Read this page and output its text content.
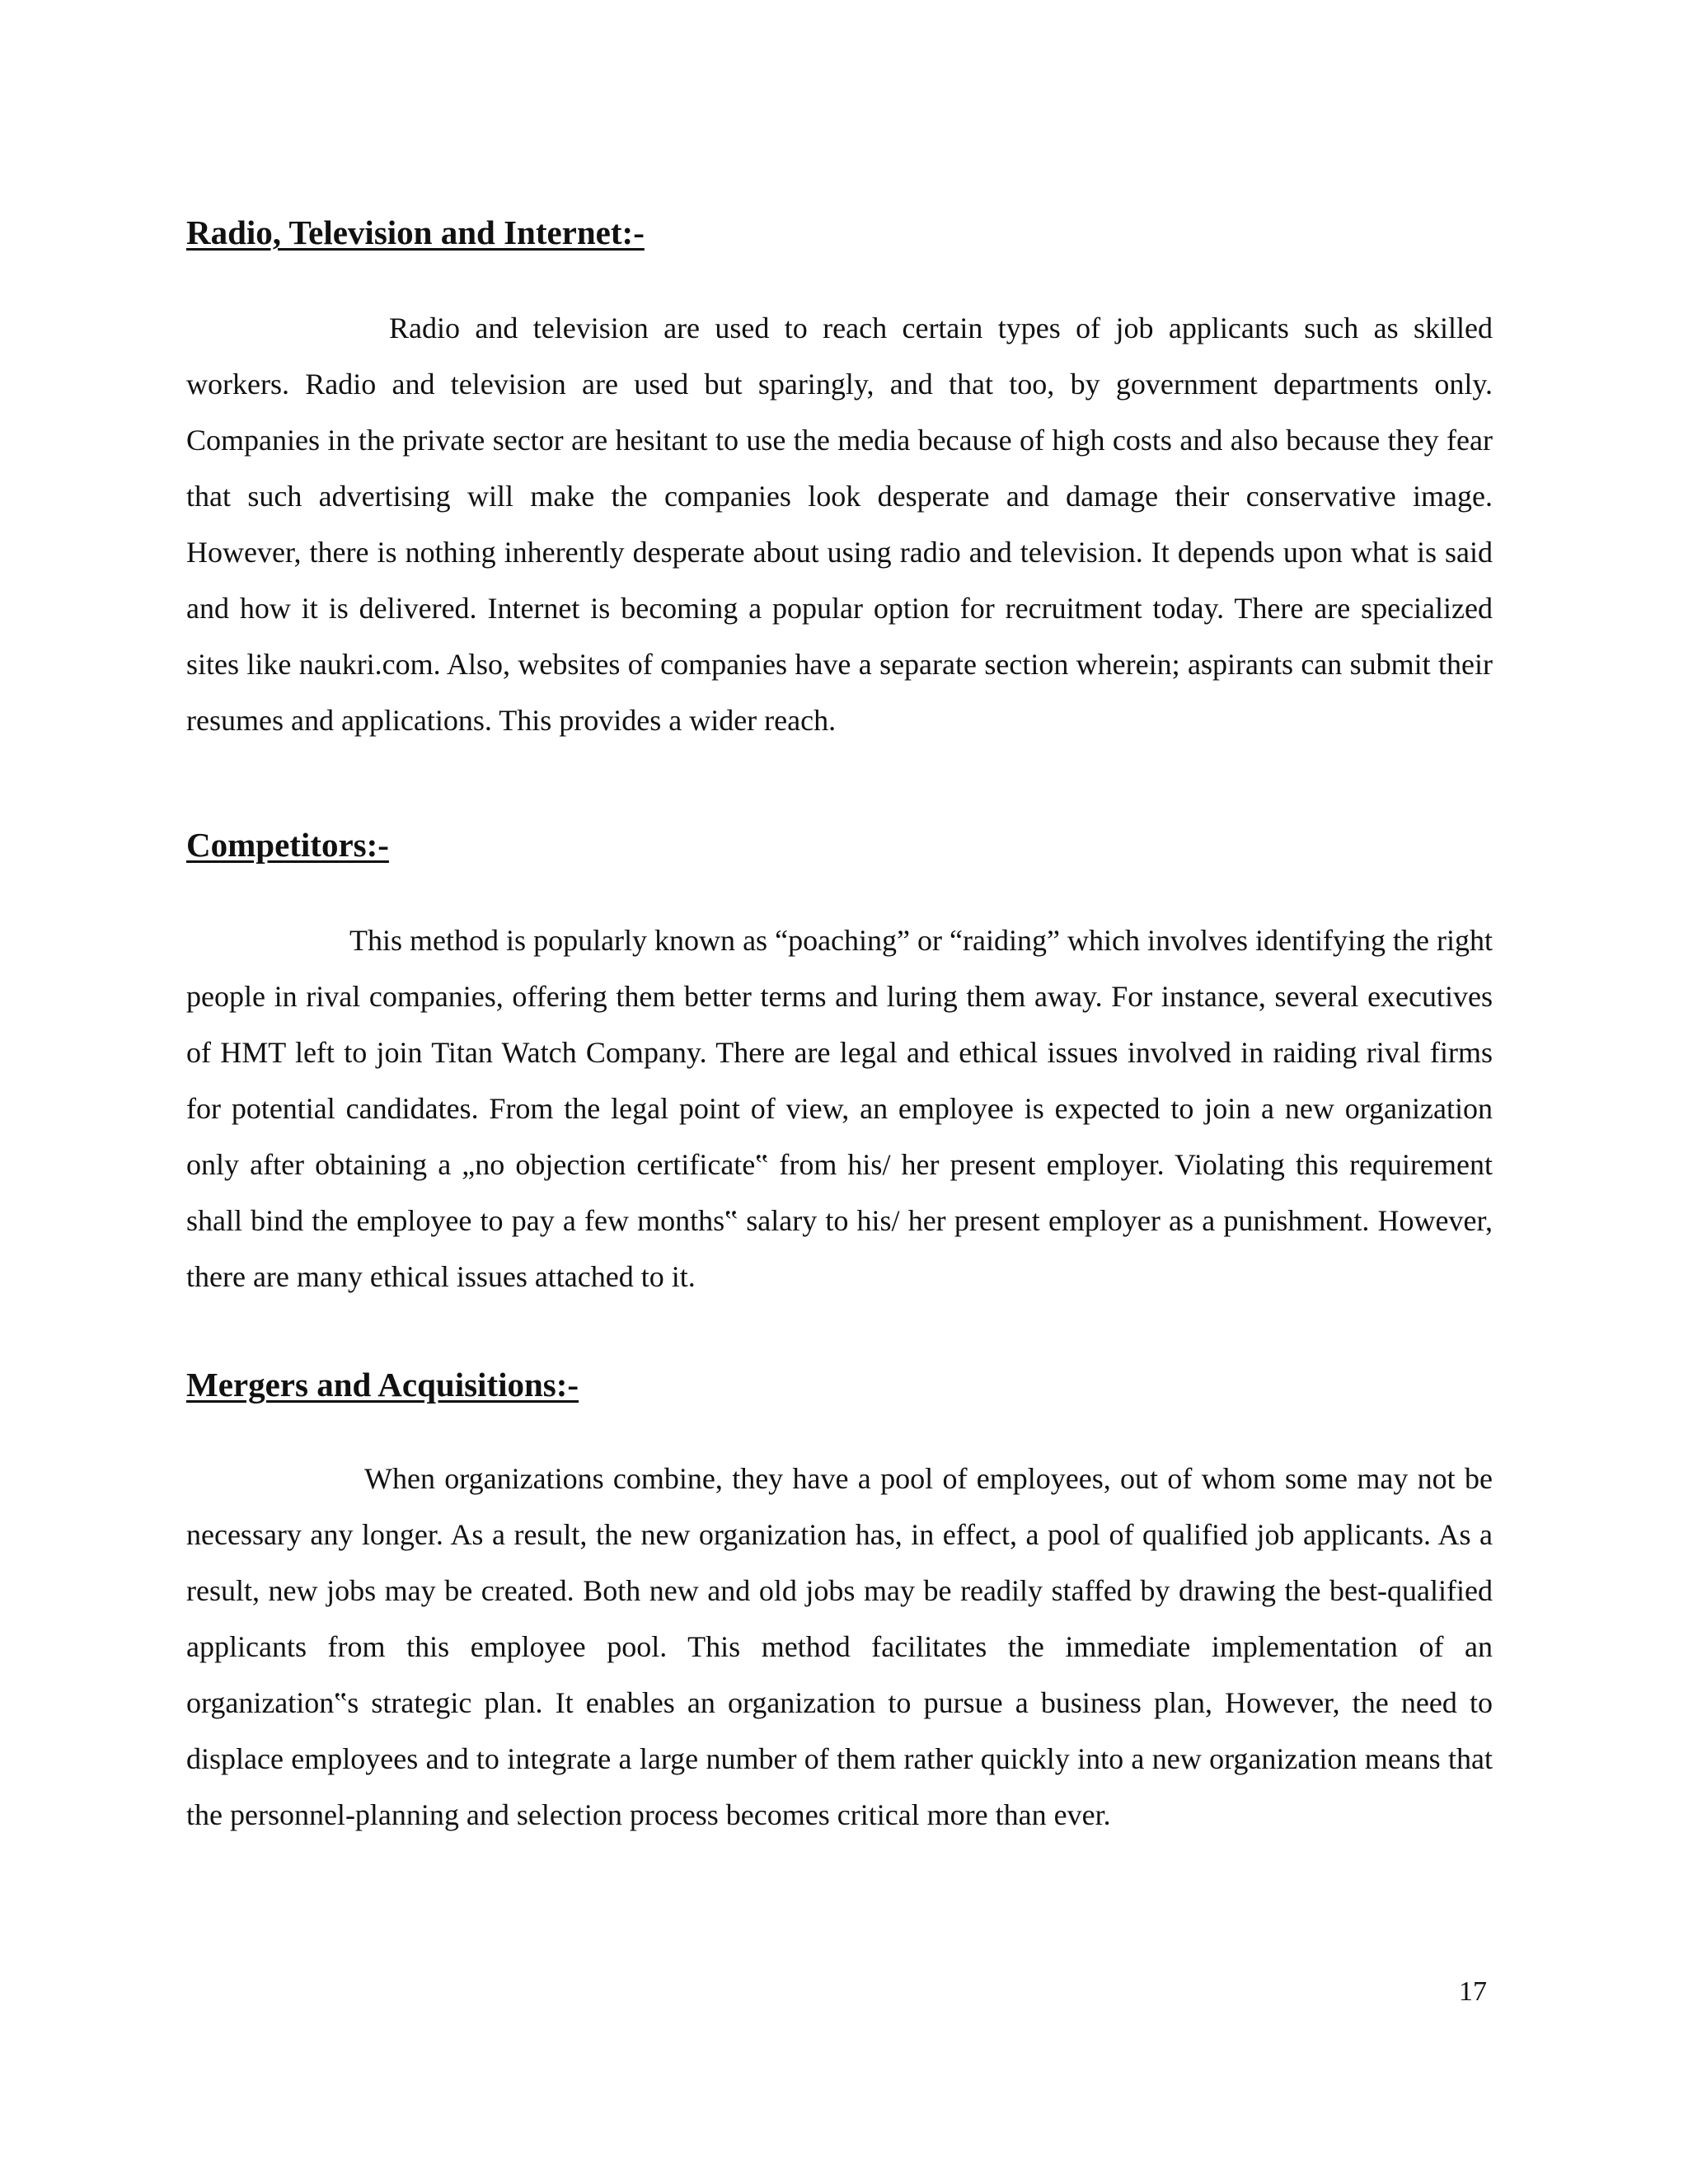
Radio, Television and Internet:-

Radio and television are used to reach certain types of job applicants such as skilled workers. Radio and television are used but sparingly, and that too, by government departments only. Companies in the private sector are hesitant to use the media because of high costs and also because they fear that such advertising will make the companies look desperate and damage their conservative image. However, there is nothing inherently desperate about using radio and television. It depends upon what is said and how it is delivered. Internet is becoming a popular option for recruitment today. There are specialized sites like naukri.com. Also, websites of companies have a separate section wherein; aspirants can submit their resumes and applications. This provides a wider reach.

Competitors:-

This method is popularly known as “poaching” or “raiding” which involves identifying the right people in rival companies, offering them better terms and luring them away. For instance, several executives of HMT left to join Titan Watch Company. There are legal and ethical issues involved in raiding rival firms for potential candidates. From the legal point of view, an employee is expected to join a new organization only after obtaining a „no objection certificate‟ from his/ her present employer. Violating this requirement shall bind the employee to pay a few months‟ salary to his/ her present employer as a punishment. However, there are many ethical issues attached to it.

Mergers and Acquisitions:-

When organizations combine, they have a pool of employees, out of whom some may not be necessary any longer. As a result, the new organization has, in effect, a pool of qualified job applicants. As a result, new jobs may be created. Both new and old jobs may be readily staffed by drawing the best-qualified applicants from this employee pool. This method facilitates the immediate implementation of an organization‟s strategic plan. It enables an organization to pursue a business plan, However, the need to displace employees and to integrate a large number of them rather quickly into a new organization means that the personnel-planning and selection process becomes critical more than ever.

17
